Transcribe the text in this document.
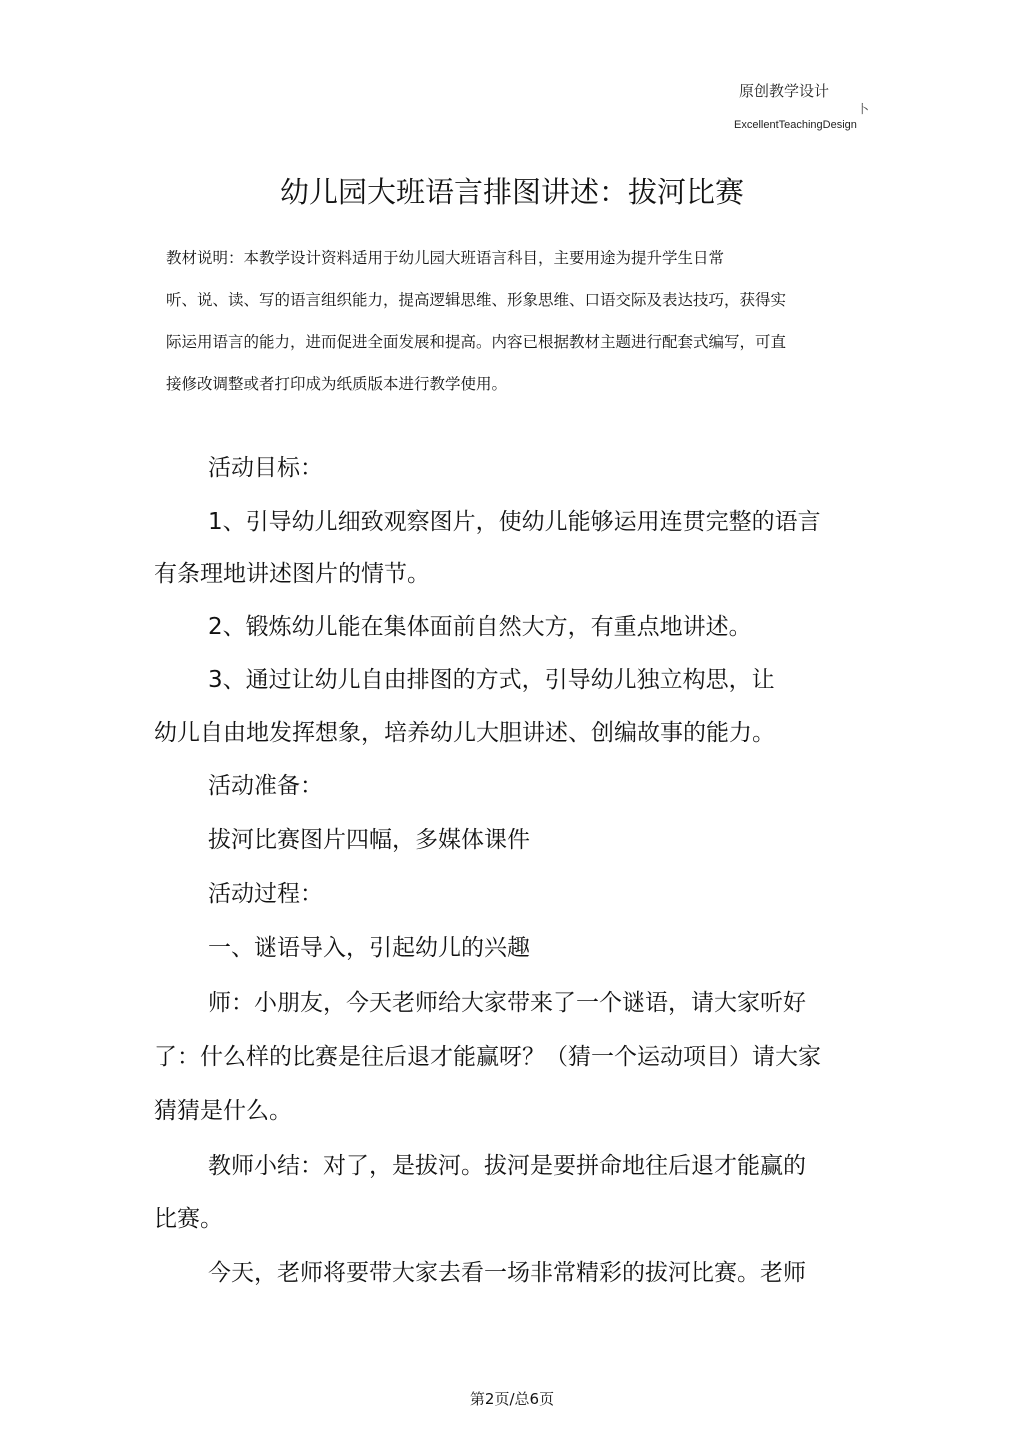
原创教学设计
卜
ExcellentTeachingDesign
幼儿园大班语言排图讲述：拔河比赛
教材说明：本教学设计资料适用于幼儿园大班语言科目，主要用途为提升学生日常
听、说、读、写的语言组织能力，提高逻辑思维、形象思维、口语交际及表达技巧，获得实
际运用语言的能力，进而促进全面发展和提高。内容已根据教材主题进行配套式编写，可直
接修改调整或者打印成为纸质版本进行教学使用。
活动目标：
1、引导幼儿细致观察图片，使幼儿能够运用连贯完整的语言
有条理地讲述图片的情节。
2、锻炼幼儿能在集体面前自然大方，有重点地讲述。
3、通过让幼儿自由排图的方式，引导幼儿独立构思，让
幼儿自由地发挥想象，培养幼儿大胆讲述、创编故事的能力。
活动准备：
拔河比赛图片四幅，多媒体课件
活动过程：
一、谜语导入，引起幼儿的兴趣
师：小朋友，今天老师给大家带来了一个谜语，请大家听好
了：什么样的比赛是往后退才能赢呀？（猜一个运动项目）请大家
猜猜是什么。
教师小结：对了，是拔河。拔河是要拼命地往后退才能赢的
比赛。
今天，老师将要带大家去看一场非常精彩的拔河比赛。老师
第2页/总6页
